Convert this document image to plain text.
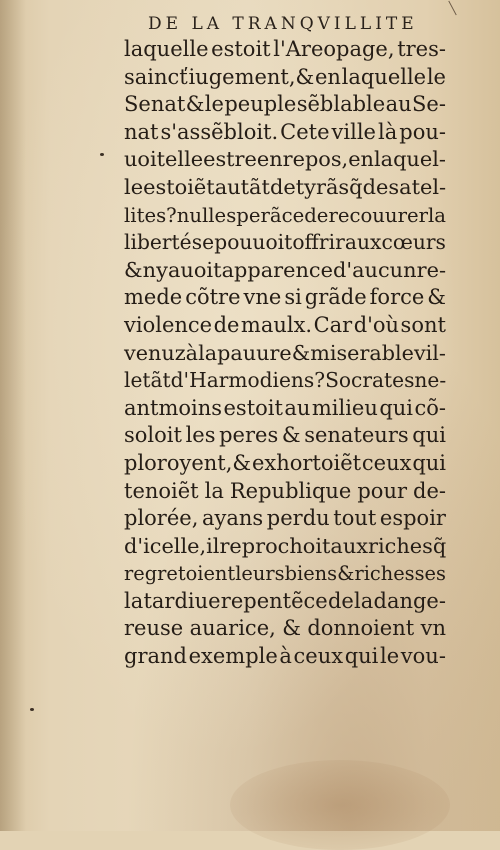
DE LA TRANQVILLITE

laquelle estoit l'Areopage, tres-
saincť iugement,& en laquelle le
Senat & le peuple sẽblable au Se-
nat s'assẽbloit. Cete ville là pou-
uoit elle estre en repos, en laquel-
le estoiẽt autãt de tyrãs q̃ de satel-
lites?nulle sperãce de recouurer la
liberté se pouuoit offrir aux cœurs
& ny auoit apparence d'aucun re-
mede cõtre vne si grãde force &
violence de maulx. Car d'où sont
venuz à la pauure & miserable vil-
le tãt d'Harmodiens? Socrates ne-
antmoins estoit au milieu qui cõ-
soloit les peres & senateurs qui
ploroyent,& exhortoiẽt ceux qui
tenoiẽt la Republique pour de-
plorée, ayans perdu tout espoir
d'icelle,il reprochoit aux riches q̃
regretoient leurs biens & richesses
la tardiue repentẽce de la dange-
reuse auarice, & donnoient vn
grand exemple à ceux qui le vou-
